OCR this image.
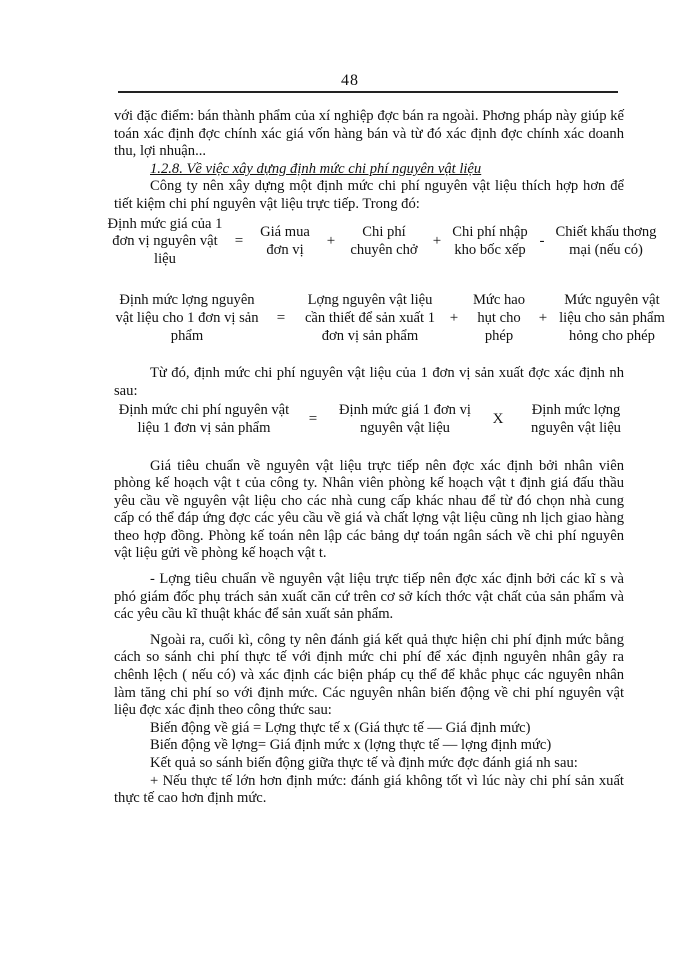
48

với đặc điểm: bán thành phẩm của xí nghiệp đợc bán ra ngoài. Phơng pháp này giúp kế toán xác định đợc chính xác giá vốn hàng bán và từ đó xác định đợc chính xác doanh thu, lợi nhuận...

1.2.8. Về việc xây dựng định mức chi phí nguyên vật liệu

Công ty nên xây dựng một định mức chi phí nguyên vật liệu thích hợp hơn để tiết kiệm chi phí nguyên vật liệu trực tiếp. Trong đó:

Định mức giá của 1 đơn vị nguyên vật liệu
=
Giá mua đơn vị
+
Chi phí chuyên chở
+
Chi phí nhập kho bốc xếp
-
Chiết khấu thơng mại (nếu có)
Định mức lợng nguyên vật liệu cho 1 đơn vị sản phẩm
=
Lợng nguyên vật liệu cần thiết để sản xuất 1 đơn vị sản phẩm
+
Mức hao hụt cho phép
+
Mức nguyên vật liệu cho sản phẩm hỏng cho phép

Từ đó, định mức chi phí nguyên vật liệu của 1 đơn vị sản xuất đợc xác định nh sau:

Định mức chi phí nguyên vật liệu 1 đơn vị sản phẩm
=
Định mức giá 1 đơn vị nguyên vật liệu
X
Định mức lợng nguyên vật liệu

Giá tiêu chuẩn về nguyên vật liệu trực tiếp nên đợc xác định bởi nhân viên phòng kế hoạch vật t của công ty. Nhân viên phòng kế hoạch vật t định giá đấu thầu yêu cầu về nguyên vật liệu cho các nhà cung cấp khác nhau để từ đó chọn nhà cung cấp có thể đáp ứng đợc các yêu cầu về giá và chất lợng vật liệu cũng nh lịch giao hàng theo hợp đồng. Phòng kế toán nên lập các bảng dự toán ngân sách về chi phí nguyên vật liệu gửi về phòng kế hoạch vật t.

- Lợng tiêu chuẩn về nguyên vật liệu trực tiếp nên đợc xác định bởi các kĩ s và phó giám đốc phụ trách sản xuất căn cứ trên cơ sở kích thớc vật chất của sản phẩm và các yêu cầu kĩ thuật khác để sản xuất sản phẩm.

Ngoài ra, cuối kì, công ty nên đánh giá kết quả thực hiện chi phí định mức bằng cách so sánh chi phí thực tế với định mức chi phí để xác định nguyên nhân gây ra chênh lệch ( nếu có) và xác định các biện pháp cụ thể để khắc phục các nguyên nhân làm tăng chi phí so với định mức. Các nguyên nhân biến động về chi phí nguyên vật liệu đợc xác định theo công thức sau:

Biến động về giá = Lợng thực tế x (Giá thực tế — Giá định mức)

Biến động về lợng= Giá định mức x (lợng thực tế — lợng định mức)

Kết quả so sánh biến động giữa thực tế và định mức đợc đánh giá nh sau:

+ Nếu thực tế lớn hơn định mức: đánh giá không tốt vì lúc này chi phí sản xuất thực tế cao hơn định mức.
